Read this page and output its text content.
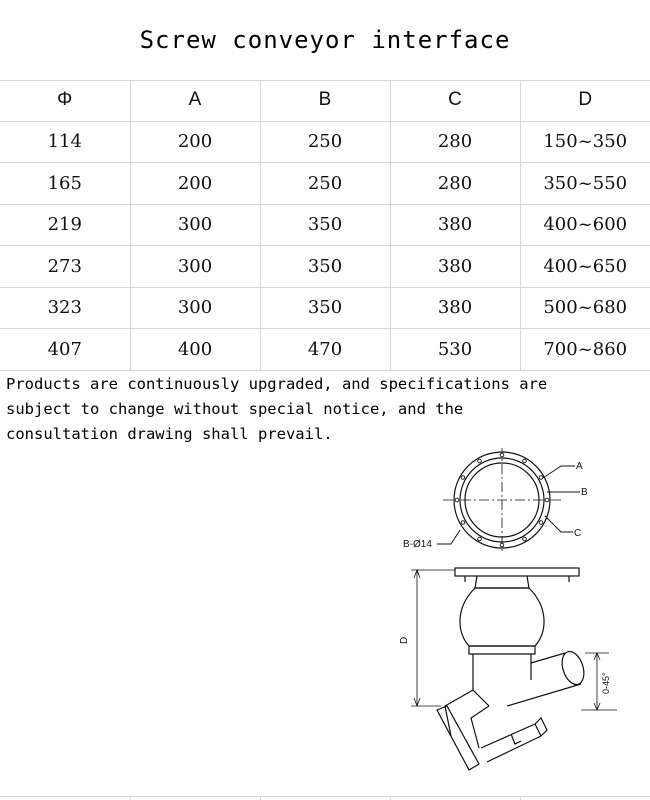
Screw conveyor interface
Φ	A	B	C	D
114	200	250	280	150~350
165	200	250	280	350~550
219	300	350	380	400~600
273	300	350	380	400~650
323	300	350	380	500~680
407	400	470	530	700~860
Products are continuously upgraded, and specifications are
subject to change without special notice, and the
consultation drawing shall prevail.
A
B
C
B-Ø14
D
0-45°
